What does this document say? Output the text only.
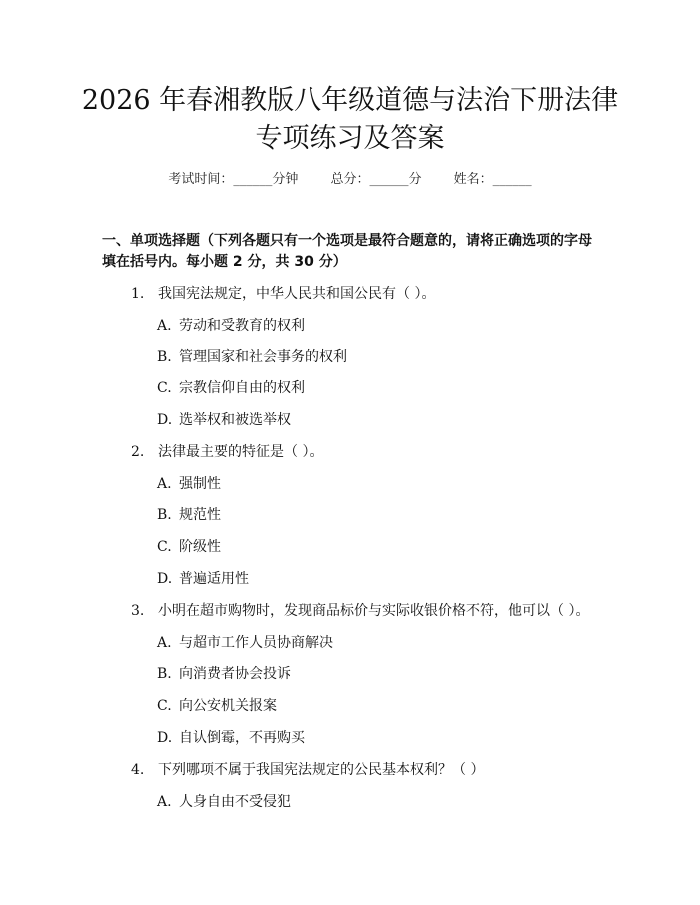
2026 年春湘教版八年级道德与法治下册法律
专项练习及答案
考试时间：______分钟 总分：______分 姓名：______

一、单项选择题（下列各题只有一个选项是最符合题意的，请将正确选项的字母

填在括号内。每小题 2 分，共 30 分）

1. 我国宪法规定，中华人民共和国公民有（ ）。
A. 劳动和受教育的权利
B. 管理国家和社会事务的权利
C. 宗教信仰自由的权利
D. 选举权和被选举权
2. 法律最主要的特征是（ ）。
A. 强制性
B. 规范性
C. 阶级性
D. 普遍适用性
3. 小明在超市购物时，发现商品标价与实际收银价格不符，他可以（ ）。
A. 与超市工作人员协商解决
B. 向消费者协会投诉
C. 向公安机关报案
D. 自认倒霉，不再购买
4. 下列哪项不属于我国宪法规定的公民基本权利？（ ）
A. 人身自由不受侵犯
